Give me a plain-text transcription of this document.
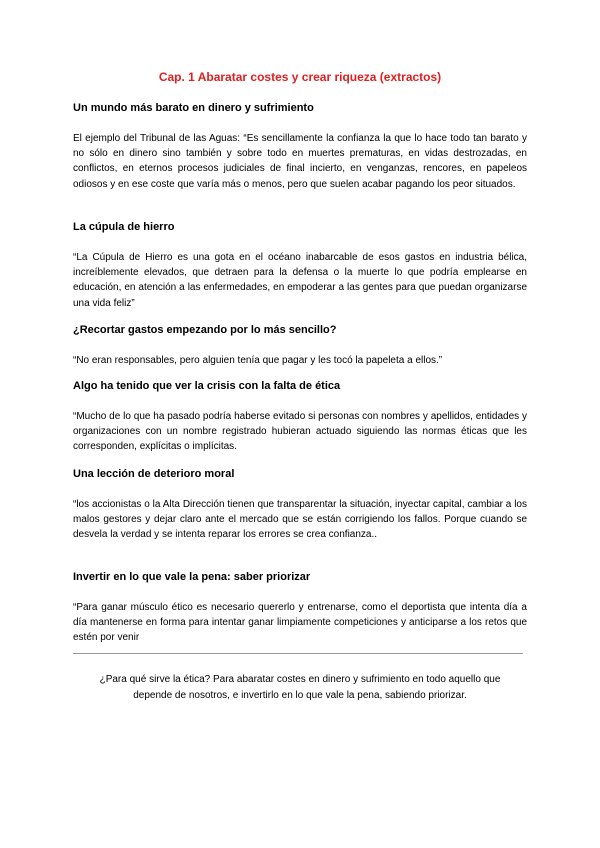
Cap. 1 Abaratar costes y crear riqueza (extractos)

Un mundo más barato en dinero y sufrimiento

El ejemplo del Tribunal de las Aguas: “Es sencillamente la confianza la que lo hace todo tan barato y no sólo en dinero sino también y sobre todo en muertes prematuras, en vidas destrozadas, en conflictos, en eternos procesos judiciales de final incierto, en venganzas, rencores, en papeleos odiosos y en ese coste que varía más o menos, pero que suelen acabar pagando los peor situados.

La cúpula de hierro

“La Cúpula de Hierro es una gota en el océano inabarcable de esos gastos en industria bélica, increíblemente elevados, que detraen para la defensa o la muerte lo que podría emplearse en educación, en atención a las enfermedades, en empoderar a las gentes para que puedan organizarse una vida feliz”

¿Recortar gastos empezando por lo más sencillo?

“No eran responsables, pero alguien tenía que pagar y les tocó la papeleta a ellos.”

Algo ha tenido que ver la crisis con la falta de ética

“Mucho de lo que ha pasado podría haberse evitado si personas con nombres y apellidos, entidades y organizaciones con un nombre registrado hubieran actuado siguiendo las normas éticas que les corresponden, explícitas o implícitas.

Una lección de deterioro moral

“los accionistas o la Alta Dirección tienen que transparentar la situación, inyectar capital, cambiar a los malos gestores y dejar claro ante el mercado que se están corrigiendo los fallos. Porque cuando se desvela la verdad y se intenta reparar los errores se crea confianza..

Invertir en lo que vale la pena: saber priorizar

“Para ganar músculo ético es necesario quererlo y entrenarse, como el deportista que intenta día a día mantenerse en forma para intentar ganar limpiamente competiciones y anticiparse a los retos que estén por venir

¿Para qué sirve la ética? Para abaratar costes en dinero y sufrimiento en todo aquello que depende de nosotros, e invertirlo en lo que vale la pena, sabiendo priorizar.
